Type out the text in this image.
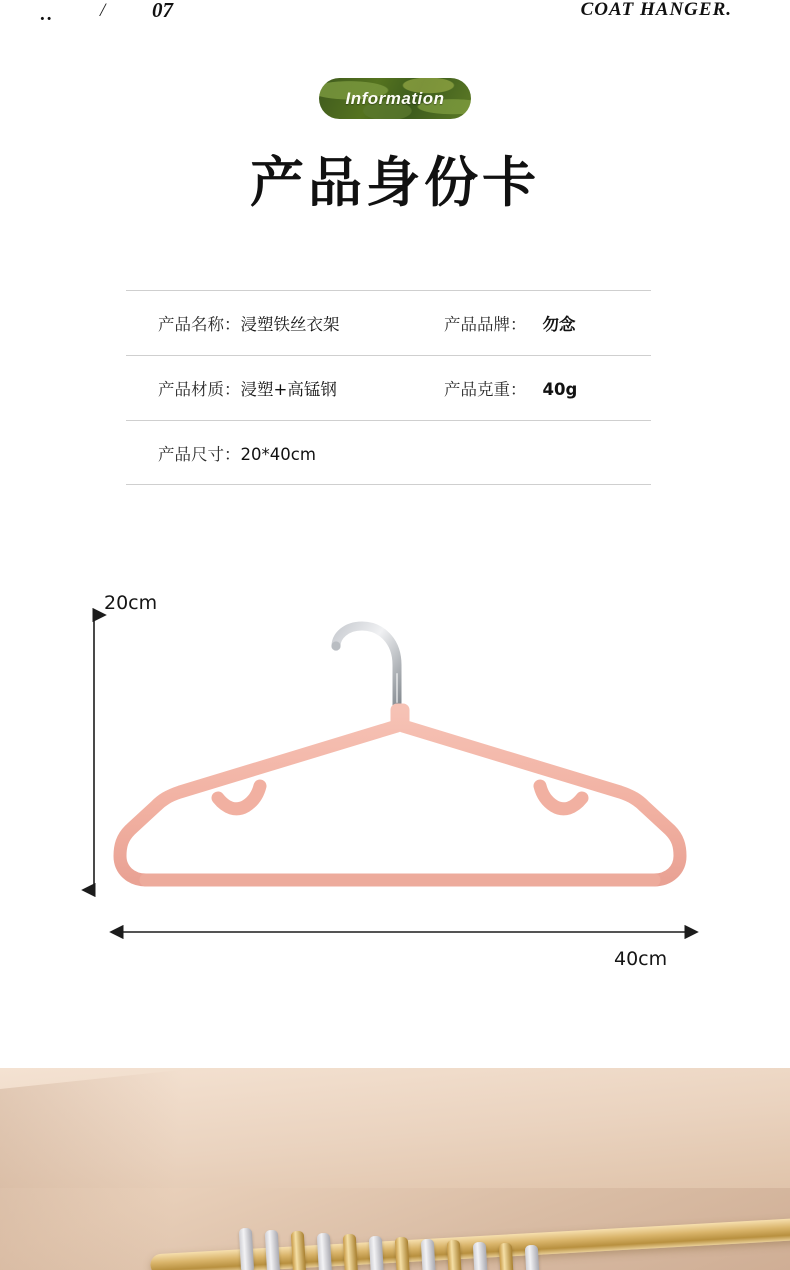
.. / 07	COAT HANGER.
Information
产品身份卡
产品名称： 浸塑铁丝衣架	产品品牌： 勿念
产品材质： 浸塑+高锰钢	产品克重： 40g
产品尺寸： 20*40cm
20cm
40cm
